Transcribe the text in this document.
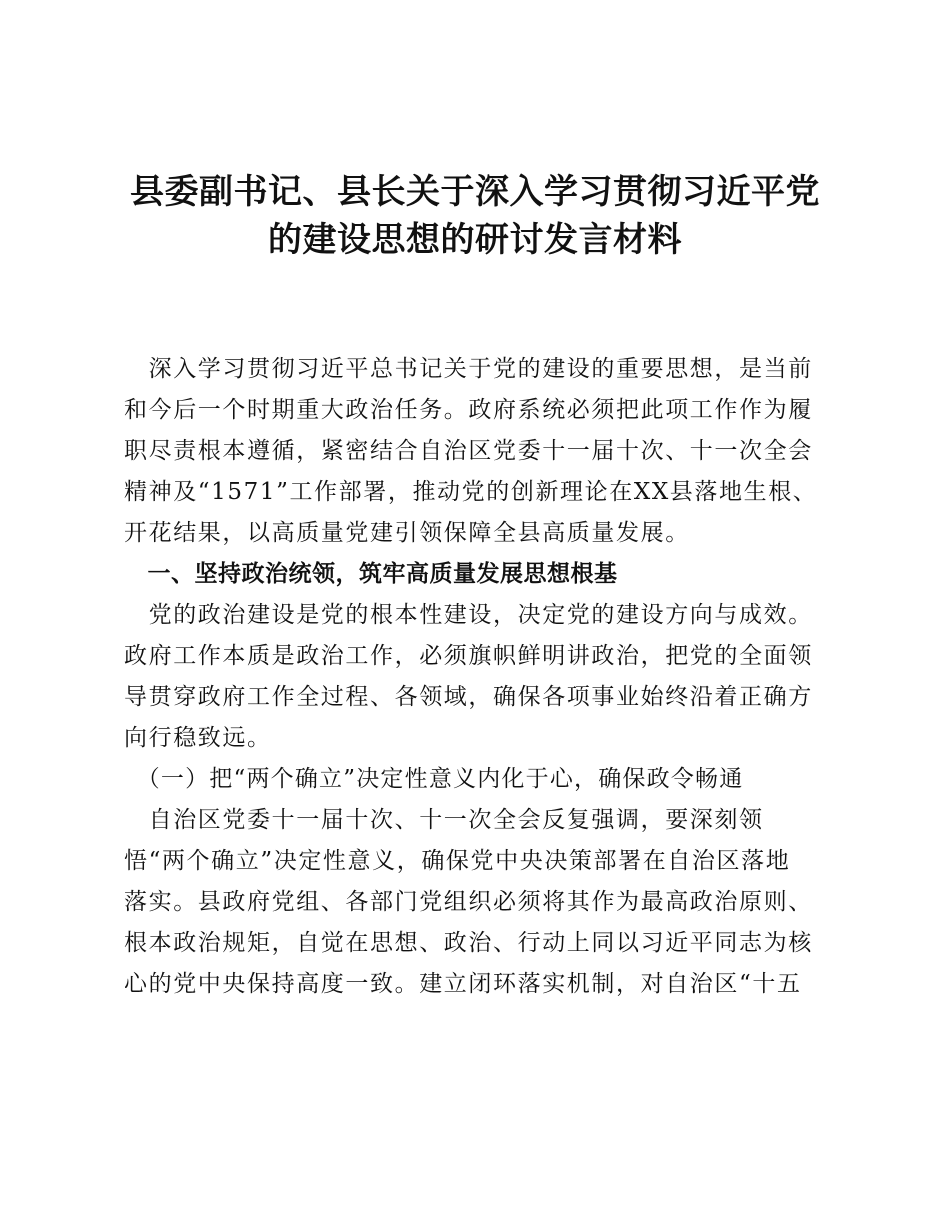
县委副书记、县长关于深入学习贯彻习近平党
的建设思想的研讨发言材料
　深入学习贯彻习近平总书记关于党的建设的重要思想，是当前
和今后一个时期重大政治任务。政府系统必须把此项工作作为履
职尽责根本遵循，紧密结合自治区党委十一届十次、十一次全会
精神及“1571”工作部署，推动党的创新理论在XX县落地生根、
开花结果，以高质量党建引领保障全县高质量发展。
　一、坚持政治统领，筑牢高质量发展思想根基
　党的政治建设是党的根本性建设，决定党的建设方向与成效。
政府工作本质是政治工作，必须旗帜鲜明讲政治，把党的全面领
导贯穿政府工作全过程、各领域，确保各项事业始终沿着正确方
向行稳致远。
　（一）把“两个确立”决定性意义内化于心，确保政令畅通
　自治区党委十一届十次、十一次全会反复强调，要深刻领
悟“两个确立”决定性意义，确保党中央决策部署在自治区落地
落实。县政府党组、各部门党组织必须将其作为最高政治原则、
根本政治规矩，自觉在思想、政治、行动上同以习近平同志为核
心的党中央保持高度一致。建立闭环落实机制，对自治区“十五
